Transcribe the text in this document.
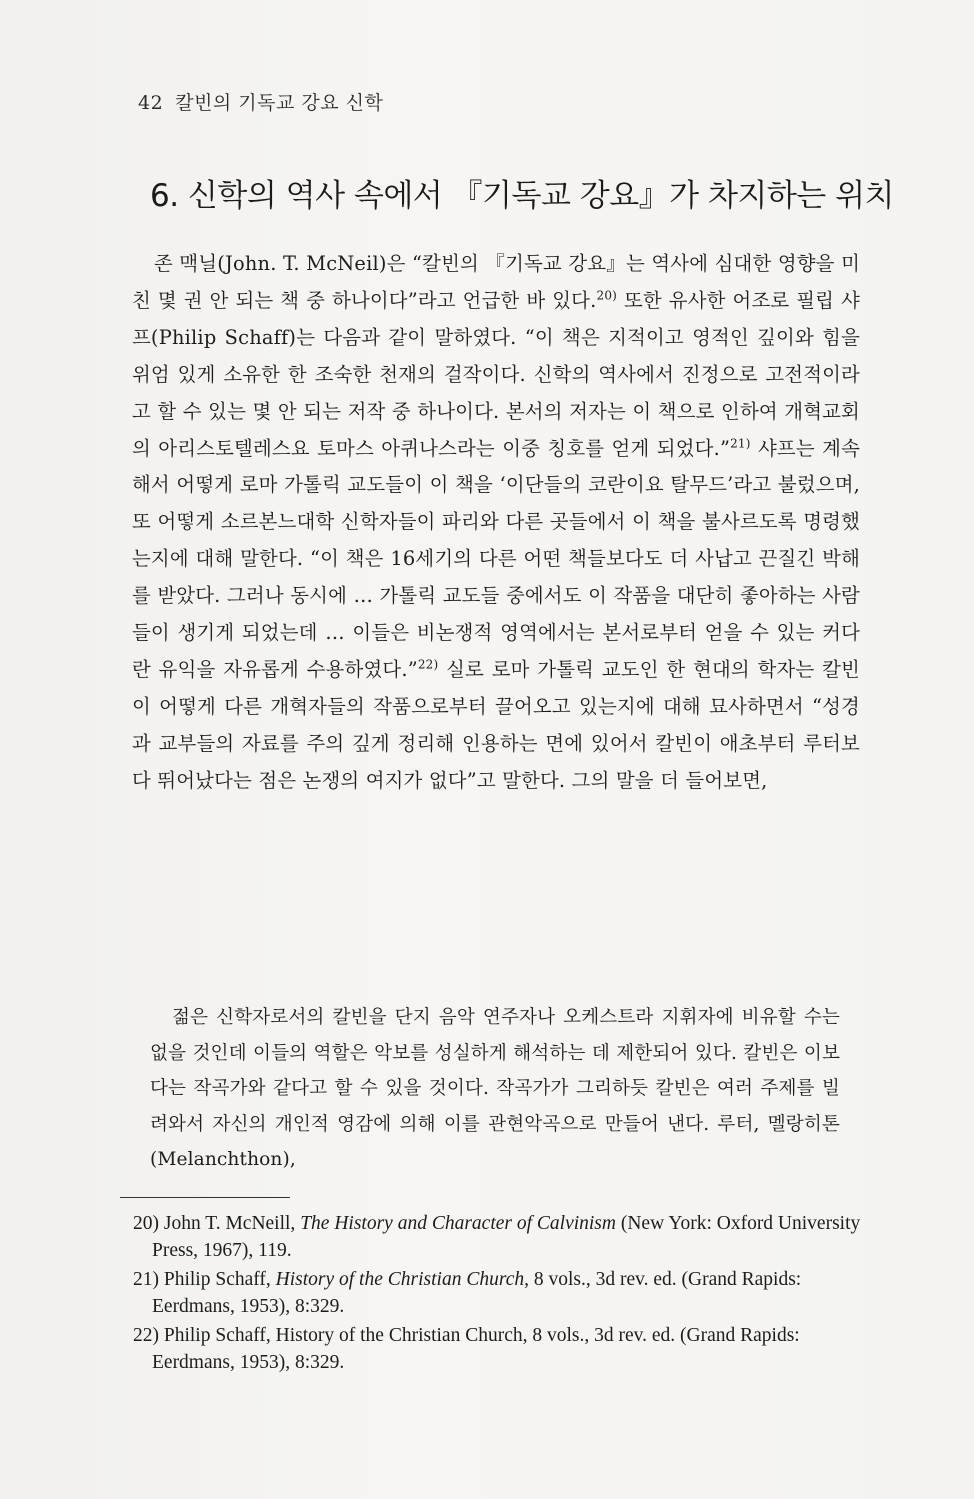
42 칼빈의 기독교 강요 신학
6. 신학의 역사 속에서 『기독교 강요』가 차지하는 위치

존 맥닐(John. T. McNeil)은 “칼빈의 『기독교 강요』는 역사에 심대한 영향을 미친 몇 권 안 되는 책 중 하나이다”라고 언급한 바 있다.$^{20)}$ 또한 유사한 어조로 필립 샤프(Philip Schaff)는 다음과 같이 말하였다. “이 책은 지적이고 영적인 깊이와 힘을 위엄 있게 소유한 한 조숙한 천재의 걸작이다. 신학의 역사에서 진정으로 고전적이라고 할 수 있는 몇 안 되는 저작 중 하나이다. 본서의 저자는 이 책으로 인하여 개혁교회의 아리스토텔레스요 토마스 아퀴나스라는 이중 칭호를 얻게 되었다.”$^{21)}$ 샤프는 계속해서 어떻게 로마 가톨릭 교도들이 이 책을 ‘이단들의 코란이요 탈무드’라고 불렀으며, 또 어떻게 소르본느대학 신학자들이 파리와 다른 곳들에서 이 책을 불사르도록 명령했는지에 대해 말한다. “이 책은 16세기의 다른 어떤 책들보다도 더 사납고 끈질긴 박해를 받았다. 그러나 동시에 … 가톨릭 교도들 중에서도 이 작품을 대단히 좋아하는 사람들이 생기게 되었는데 … 이들은 비논쟁적 영역에서는 본서로부터 얻을 수 있는 커다란 유익을 자유롭게 수용하였다.”$^{22)}$ 실로 로마 가톨릭 교도인 한 현대의 학자는 칼빈이 어떻게 다른 개혁자들의 작품으로부터 끌어오고 있는지에 대해 묘사하면서 “성경과 교부들의 자료를 주의 깊게 정리해 인용하는 면에 있어서 칼빈이 애초부터 루터보다 뛰어났다는 점은 논쟁의 여지가 없다”고 말한다. 그의 말을 더 들어보면,

젊은 신학자로서의 칼빈을 단지 음악 연주자나 오케스트라 지휘자에 비유할 수는 없을 것인데 이들의 역할은 악보를 성실하게 해석하는 데 제한되어 있다. 칼빈은 이보다는 작곡가와 같다고 할 수 있을 것이다. 작곡가가 그리하듯 칼빈은 여러 주제를 빌려와서 자신의 개인적 영감에 의해 이를 관현악곡으로 만들어 낸다. 루터, 멜랑히톤(Melanchthon),

20) John T. McNeill, The History and Character of Calvinism (New York: Oxford University Press, 1967), 119.
21) Philip Schaff, History of the Christian Church, 8 vols., 3d rev. ed. (Grand Rapids: Eerdmans, 1953), 8:329.
22) Philip Schaff, History of the Christian Church, 8 vols., 3d rev. ed. (Grand Rapids: Eerdmans, 1953), 8:329.
